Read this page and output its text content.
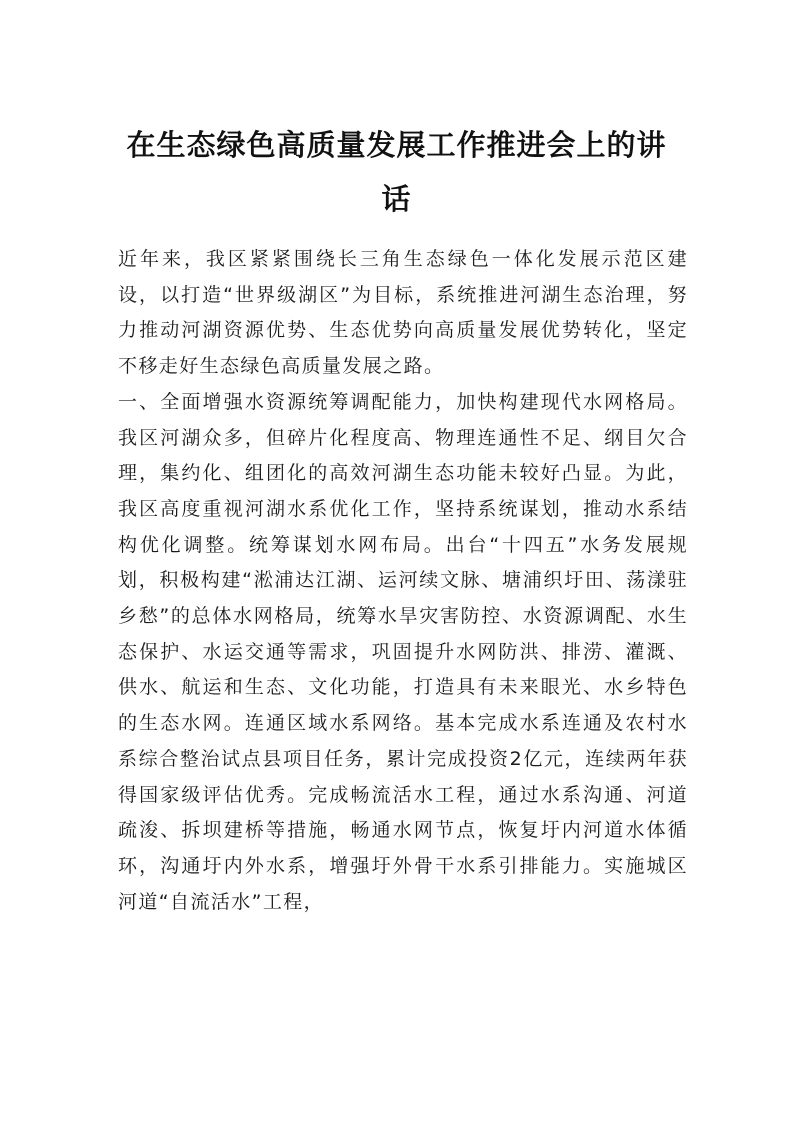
在生态绿色高质量发展工作推进会上的讲
话

近年来，我区紧紧围绕长三角生态绿色一体化发展示范区建设，以打造“世界级湖区”为目标，系统推进河湖生态治理，努力推动河湖资源优势、生态优势向高质量发展优势转化，坚定不移走好生态绿色高质量发展之路。

一、全面增强水资源统筹调配能力，加快构建现代水网格局。我区河湖众多，但碎片化程度高、物理连通性不足、纲目欠合理，集约化、组团化的高效河湖生态功能未较好凸显。为此，我区高度重视河湖水系优化工作，坚持系统谋划，推动水系结构优化调整。统筹谋划水网布局。出台“十四五”水务发展规划，积极构建“淞浦达江湖、运河续文脉、塘浦织圩田、荡漾驻乡愁”的总体水网格局，统筹水旱灾害防控、水资源调配、水生态保护、水运交通等需求，巩固提升水网防洪、排涝、灌溉、供水、航运和生态、文化功能，打造具有未来眼光、水乡特色的生态水网。连通区域水系网络。基本完成水系连通及农村水系综合整治试点县项目任务，累计完成投资2亿元，连续两年获得国家级评估优秀。完成畅流活水工程，通过水系沟通、河道疏浚、拆坝建桥等措施，畅通水网节点，恢复圩内河道水体循环，沟通圩内外水系，增强圩外骨干水系引排能力。实施城区河道“自流活水”工程，
